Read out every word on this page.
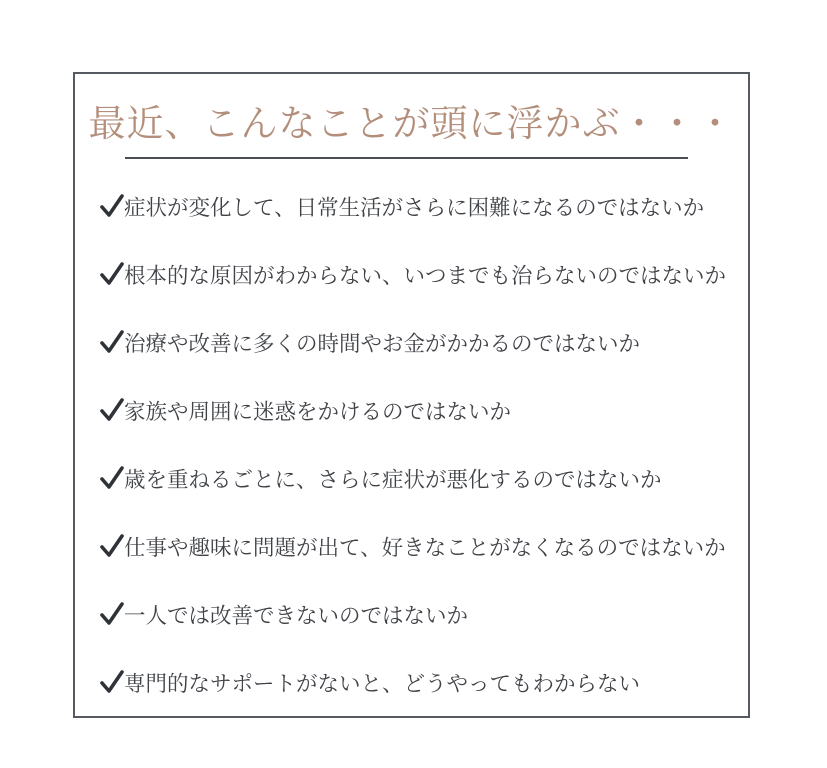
最近、こんなことが頭に浮かぶ・・・
症状が変化して、日常生活がさらに困難になるのではないか
根本的な原因がわからない、いつまでも治らないのではないか
治療や改善に多くの時間やお金がかかるのではないか
家族や周囲に迷惑をかけるのではないか
歳を重ねるごとに、さらに症状が悪化するのではないか
仕事や趣味に問題が出て、好きなことがなくなるのではないか
一人では改善できないのではないか
専門的なサポートがないと、どうやってもわからない
